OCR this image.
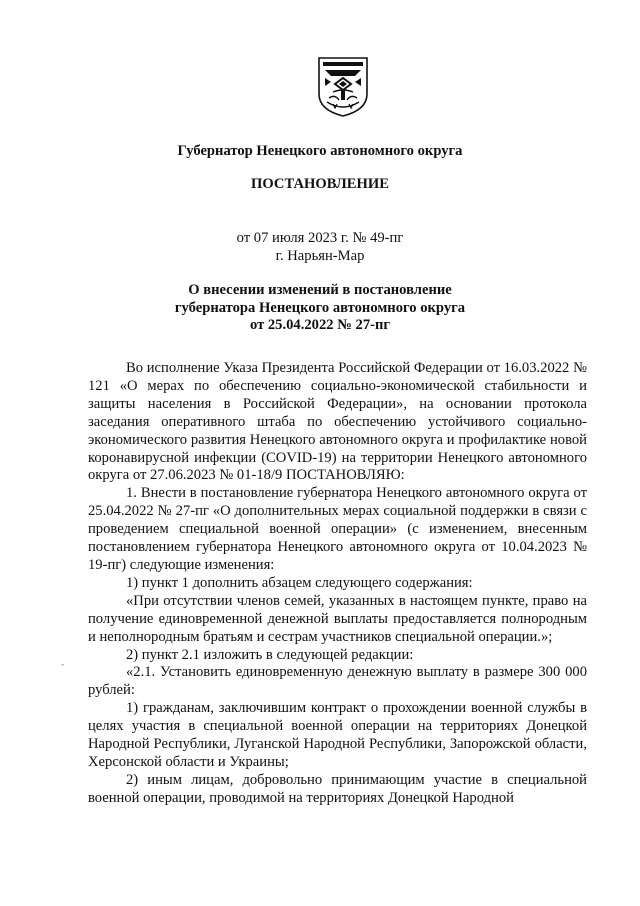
Губернатор Ненецкого автономного округа
ПОСТАНОВЛЕНИЕ
от 07 июля 2023 г. № 49-пг
г. Нарьян-Мар
О внесении изменений в постановление
губернатора Ненецкого автономного округа
от 25.04.2022 № 27-пг

Во исполнение Указа Президента Российской Федерации от 16.03.2022 № 121 «О мерах по обеспечению социально-экономической стабильности и защиты населения в Российской Федерации», на основании протокола заседания оперативного штаба по обеспечению устойчивого социально-экономического развития Ненецкого автономного округа и профилактике новой коронавирусной инфекции (COVID-19) на территории Ненецкого автономного округа от 27.06.2023 № 01-18/9 ПОСТАНОВЛЯЮ:

1. Внести в постановление губернатора Ненецкого автономного округа от 25.04.2022 № 27-пг «О дополнительных мерах социальной поддержки в связи с проведением специальной военной операции» (с изменением, внесенным постановлением губернатора Ненецкого автономного округа от 10.04.2023 № 19-пг) следующие изменения:

1) пункт 1 дополнить абзацем следующего содержания:

«При отсутствии членов семей, указанных в настоящем пункте, право на получение единовременной денежной выплаты предоставляется полнородным и неполнородным братьям и сестрам участников специальной операции.»;

2) пункт 2.1 изложить в следующей редакции:

«2.1. Установить единовременную денежную выплату в размере 300 000 рублей:

1) гражданам, заключившим контракт о прохождении военной службы в целях участия в специальной военной операции на территориях Донецкой Народной Республики, Луганской Народной Республики, Запорожской области, Херсонской области и Украины;

2) иным лицам, добровольно принимающим участие в специальной военной операции, проводимой на территориях Донецкой Народной

-
